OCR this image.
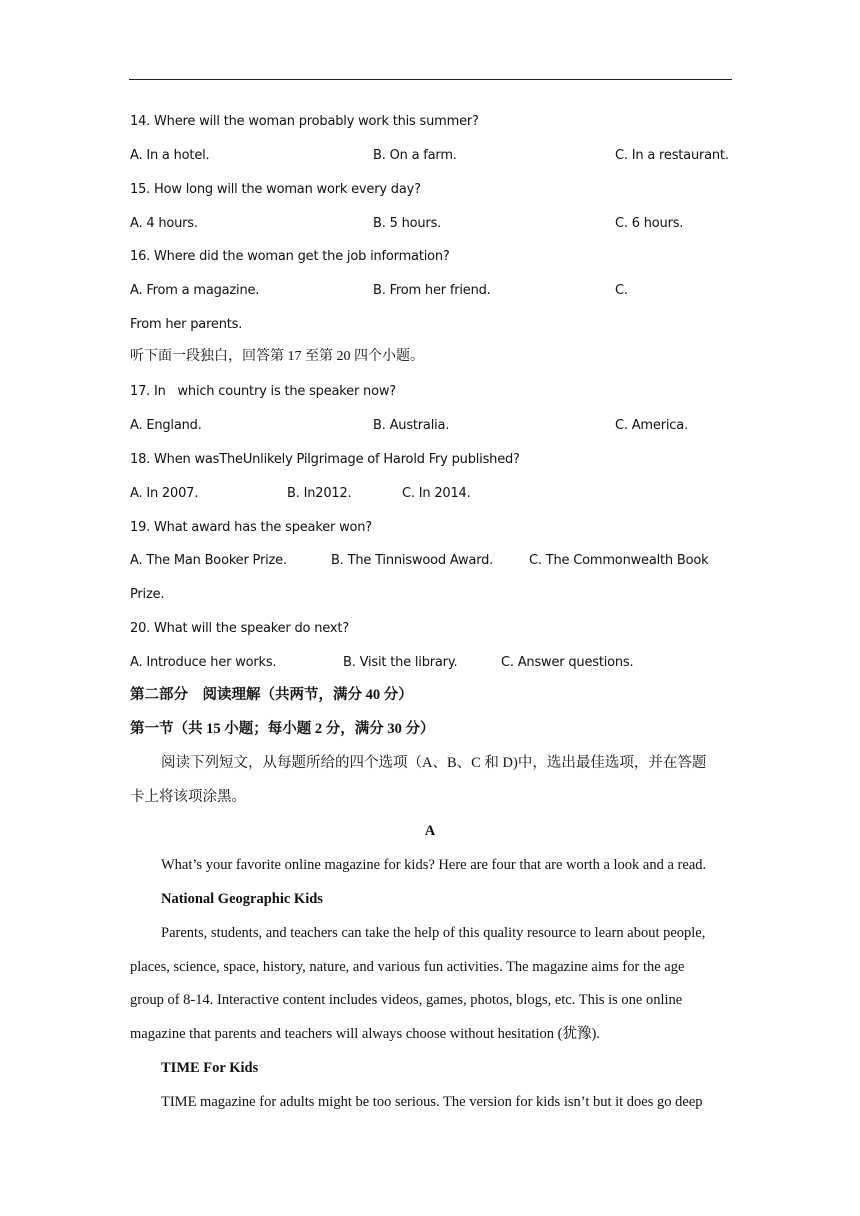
14. Where will the woman probably work this summer?
A. In a hotel.	B. On a farm.	C. In a restaurant.
15. How long will the woman work every day?
A. 4 hours.	B. 5 hours.	C. 6 hours.
16. Where did the woman get the job information?
A. From a magazine.	B. From her friend.	C.
From her parents.
听下面一段独白，回答第 17 至第 20 四个小题。
17. In   which country is the speaker now?
A. England.	B. Australia.	C. America.
18. When wasTheUnlikely Pilgrimage of Harold Fry published?
A. In 2007.	B. In2012.	C. In 2014.
19. What award has the speaker won?
A. The Man Booker Prize.	B. The Tinniswood Award.	C. The Commonwealth Book
Prize.
20. What will the speaker do next?
A. Introduce her works.	B. Visit the library.	C. Answer questions.
第二部分    阅读理解（共两节，满分 40 分）
第一节（共 15 小题；每小题 2 分，满分 30 分）
阅读下列短文，从每题所给的四个选项（A、B、C 和 D)中，选出最佳选项，并在答题
卡上将该项涂黑。
A
What’s your favorite online magazine for kids? Here are four that are worth a look and a read.
National Geographic Kids
Parents, students, and teachers can take the help of this quality resource to learn about people,
places, science, space, history, nature, and various fun activities. The magazine aims for the age
group of 8-14. Interactive content includes videos, games, photos, blogs, etc. This is one online
magazine that parents and teachers will always choose without hesitation (犹豫).
TIME For Kids
TIME magazine for adults might be too serious. The version for kids isn’t but it does go deep
